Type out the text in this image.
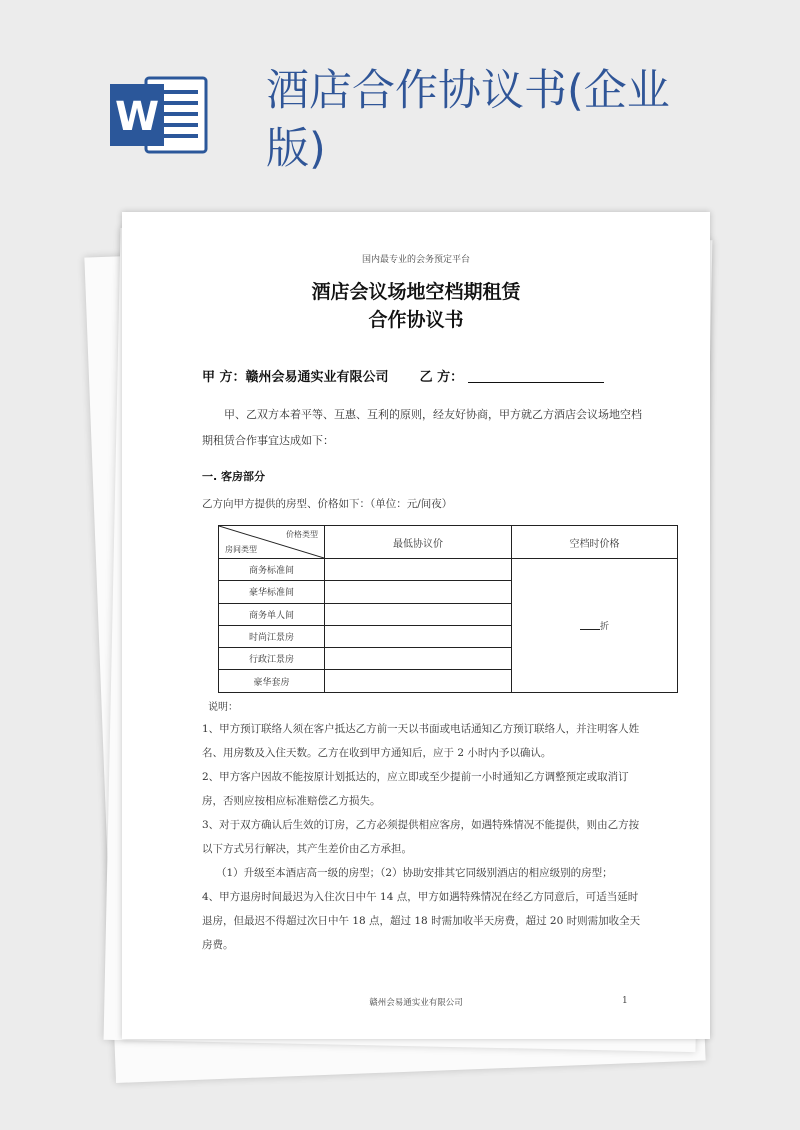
W
酒店合作协议书(企业版)
国内最专业的会务预定平台
酒店会议场地空档期租赁
合作协议书
甲 方：赣州会易通实业有限公司 乙 方：
甲、乙双方本着平等、互惠、互利的原则，经友好协商，甲方就乙方酒店会议场地空档期租赁合作事宜达成如下：
一. 客房部分
乙方向甲方提供的房型、价格如下：（单位：元/间夜）
价格类型
房间类型	最低协议价	空档时价格
商务标准间		折
豪华标准间		
商务单人间		
时尚江景房		
行政江景房		
豪华套房		
说明：
1、甲方预订联络人须在客户抵达乙方前一天以书面或电话通知乙方预订联络人，并注明客人姓名、用房数及入住天数。乙方在收到甲方通知后，应于 2 小时内予以确认。
2、甲方客户因故不能按原计划抵达的，应立即或至少提前一小时通知乙方调整预定或取消订房，否则应按相应标准赔偿乙方损失。
3、对于双方确认后生效的订房，乙方必须提供相应客房，如遇特殊情况不能提供，则由乙方按以下方式另行解决，其产生差价由乙方承担。
（1）升级至本酒店高一级的房型；（2）协助安排其它同级别酒店的相应级别的房型；
4、甲方退房时间最迟为入住次日中午 14 点，甲方如遇特殊情况在经乙方同意后，可适当延时退房，但最迟不得超过次日中午 18 点，超过 18 时需加收半天房费，超过 20 时则需加收全天房费。
赣州会易通实业有限公司	1
